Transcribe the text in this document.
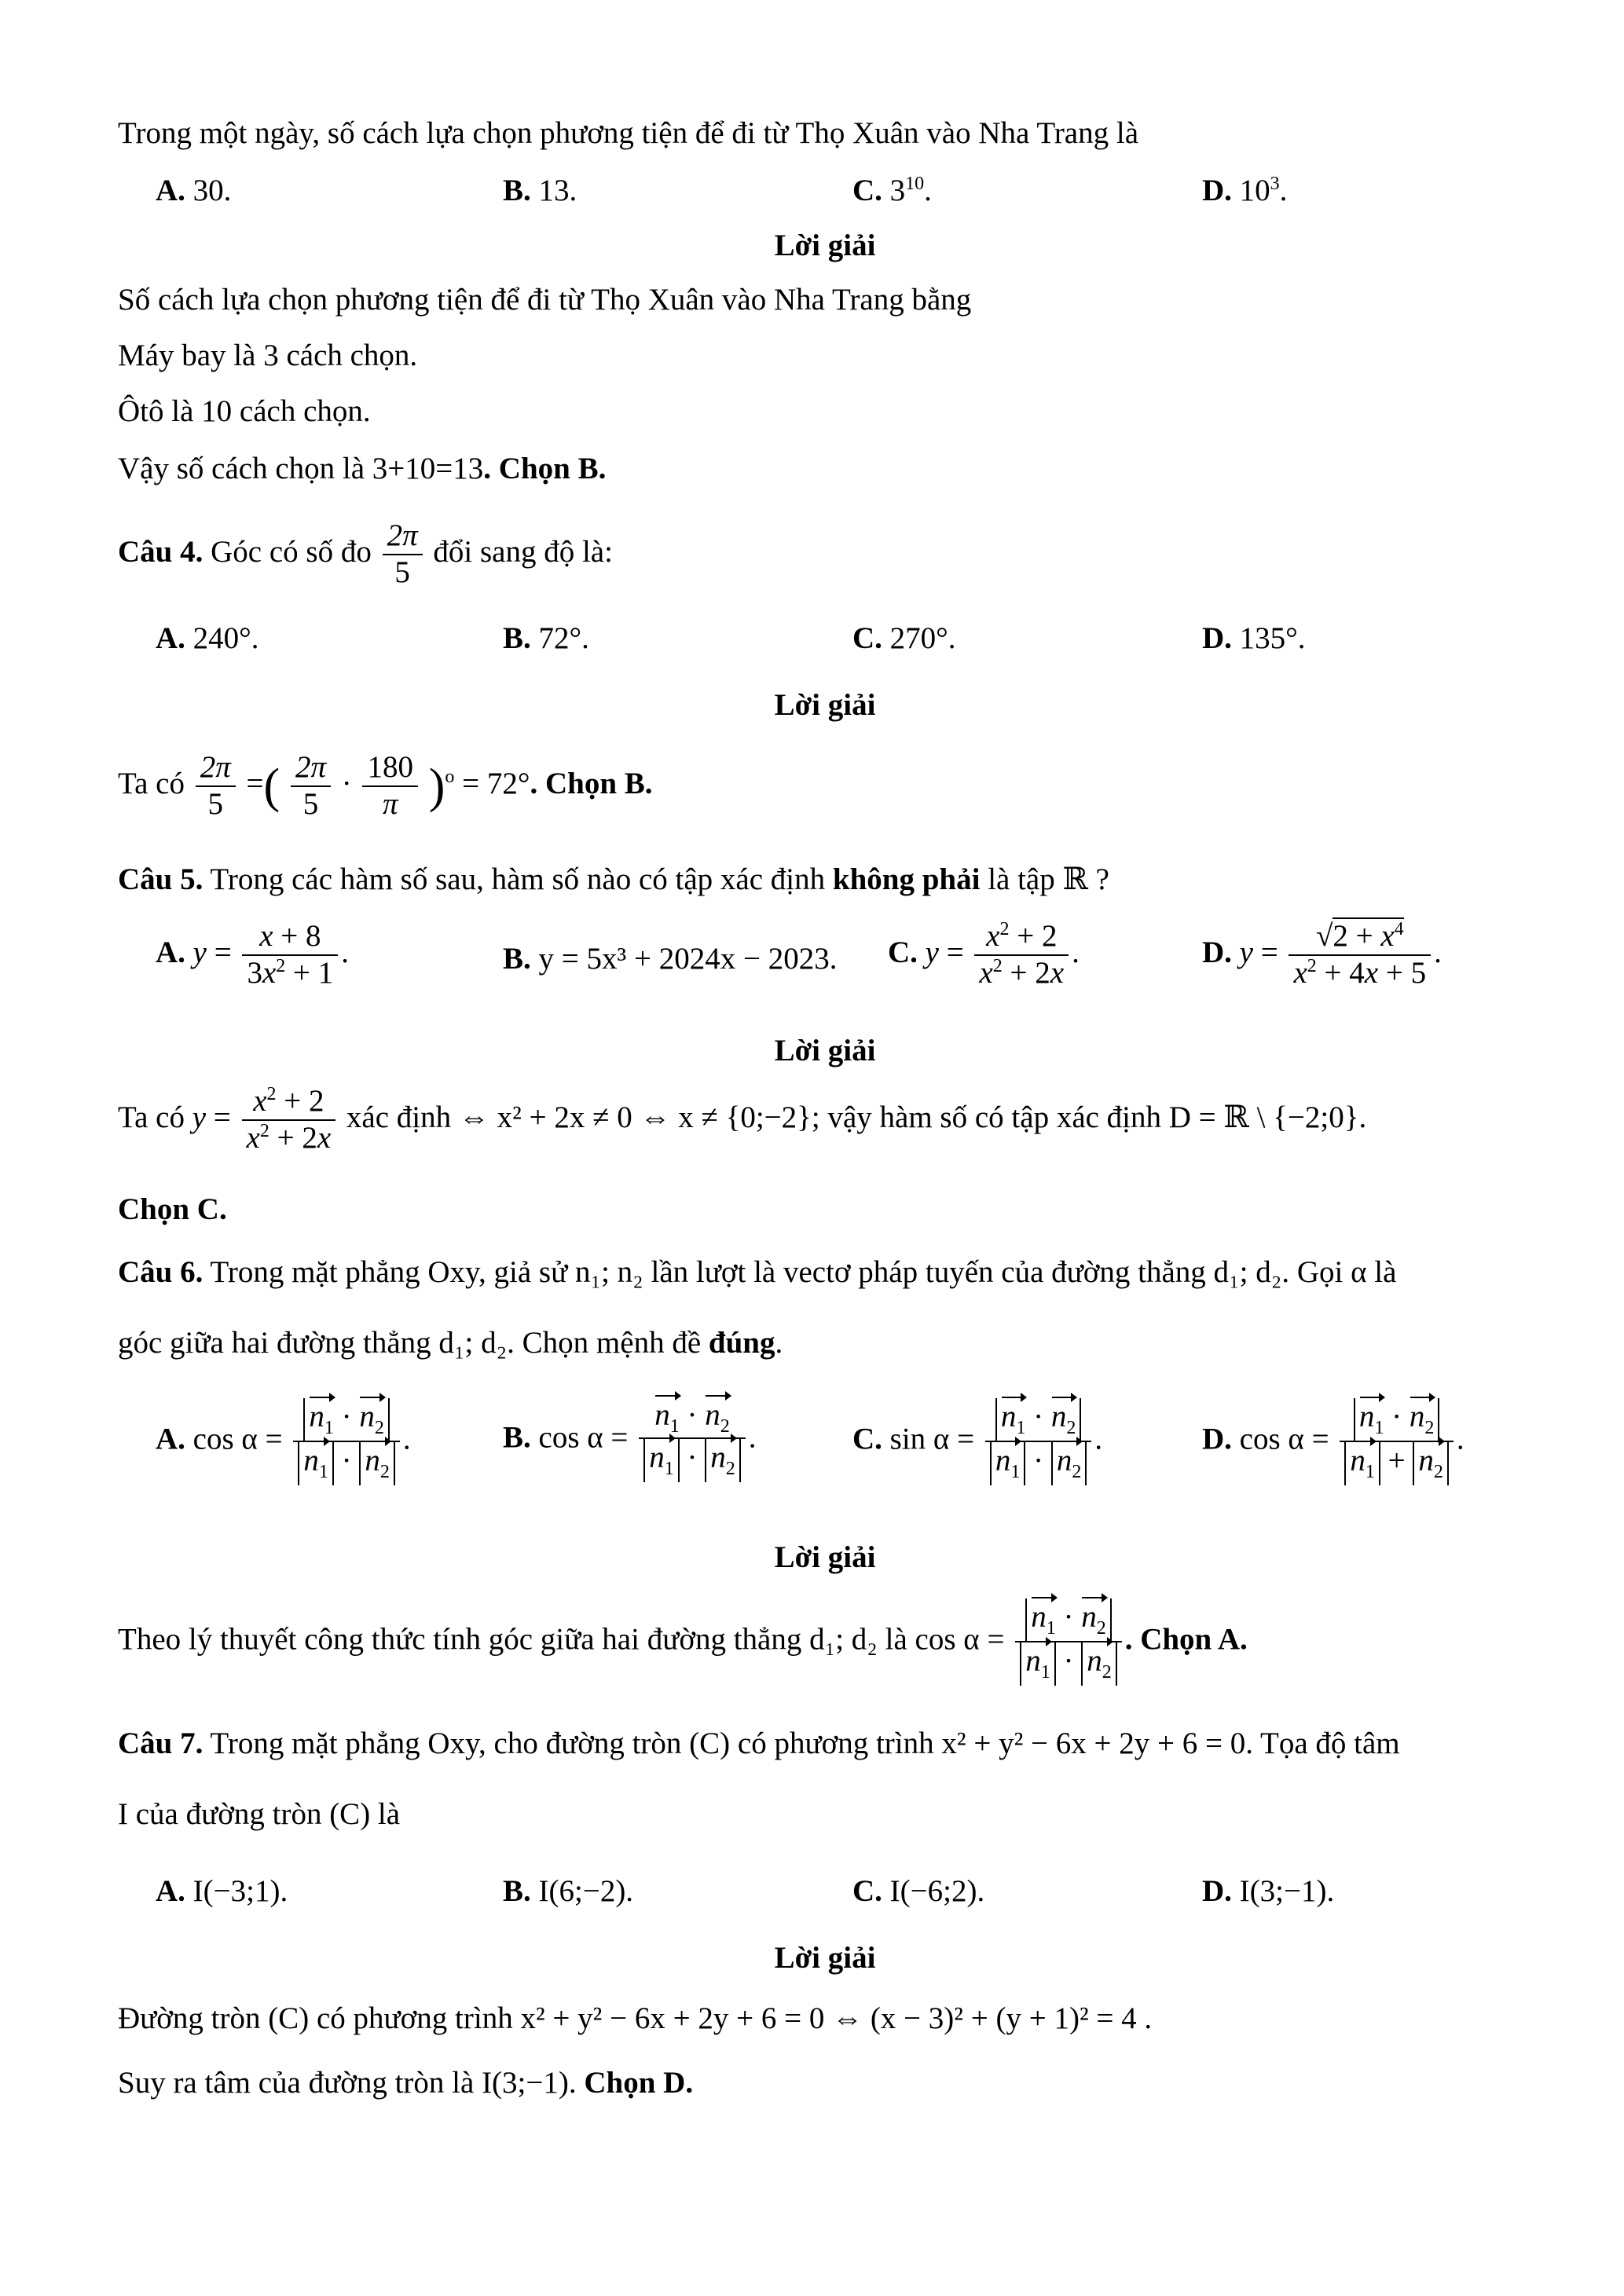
Trong một ngày, số cách lựa chọn phương tiện để đi từ Thọ Xuân vào Nha Trang là
A. 30.	B. 13.	C. $3^{10}$.	D. $10^3$.
Lời giải
Số cách lựa chọn phương tiện để đi từ Thọ Xuân vào Nha Trang bằng
Máy bay là 3 cách chọn.
Ôtô là 10 cách chọn.
Vậy số cách chọn là 3+10=13. Chọn B.
Câu 4. Góc có số đo $\frac{2\pi}{5}$ đổi sang độ là:
A. 240°.	B. 72°.	C. 270°.	D. 135°.
Lời giải
Ta có $\frac{2\pi}{5}$ =( $\frac{2\pi}{5} \cdot \frac{180}{\pi} )^o = 72^\circ$. Chọn B.
Câu 5. Trong các hàm số sau, hàm số nào có tập xác định không phải là tập ℝ ?
A. $y = \frac{x + 8}{3x^2 + 1}$ .	B. y = 5x³ + 2024x − 2023. C. $y = \frac{x^2 + 2}{x^2 + 2x}$ .	D. $y = \frac{√2 + x^4}{x^2 + 4x + 5}$ .
Lời giải
Ta có $y = \frac{x^2 + 2}{x^2 + 2x}$ xác định ⇔ x² + 2x ≠ 0 ⇔ x ≠ {0;−2}; vậy hàm số có tập xác định D = ℝ \ {−2;0}.
Chọn C.
Câu 6. Trong mặt phẳng Oxy, giả sử n₁; n₂ lần lượt là vectơ pháp tuyến của đường thẳng d₁; d₂. Gọi α là
góc giữa hai đường thẳng d₁; d₂. Chọn mệnh đề đúng.
A. $\cos \alpha = \frac{n_1 \cdot n_2}{n_1 \cdot n_2}$ .	B. $\cos \alpha = \frac{n_1 \cdot n_2}{n_1 \cdot n_2}$ .	C. $\sin \alpha = \frac{n_1 \cdot n_2}{n_1 \cdot n_2}$ .	D. $\cos \alpha = \frac{n_1 \cdot n_2}{n_1 + n_2}$ .
Lời giải
Theo lý thuyết công thức tính góc giữa hai đường thẳng d₁; d₂ là $\cos \alpha = \frac{n_1 \cdot n_2}{n_1 \cdot n_2}$ . Chọn A.
Câu 7. Trong mặt phẳng Oxy, cho đường tròn (C) có phương trình x² + y² − 6x + 2y + 6 = 0. Tọa độ tâm
I của đường tròn (C) là
A. I(−3;1).	B. I(6;−2).	C. I(−6;2).	D. I(3;−1).
Lời giải
Đường tròn (C) có phương trình x² + y² − 6x + 2y + 6 = 0 ⇔ (x − 3)² + (y + 1)² = 4 .
Suy ra tâm của đường tròn là I(3;−1). Chọn D.
